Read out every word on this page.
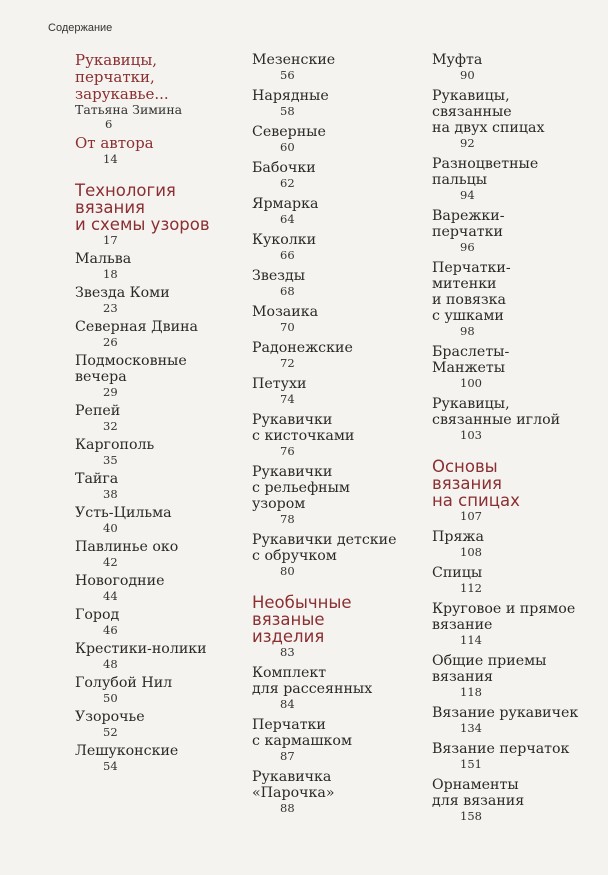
Содержание
Рукавицы,
перчатки,
зарукавье...
Татьяна Зимина
6
От автора
14
Технология
вязания
и схемы узоров
17
Мальва
18
Звезда Коми
23
Северная Двина
26
Подмосковные
вечера
29
Репей
32
Каргополь
35
Тайга
38
Усть-Цильма
40
Павлинье око
42
Новогодние
44
Город
46
Крестики-нолики
48
Голубой Нил
50
Узорочье
52
Лешуконские
54
Мезенские
56
Нарядные
58
Северные
60
Бабочки
62
Ярмарка
64
Куколки
66
Звезды
68
Мозаика
70
Радонежские
72
Петухи
74
Рукавички
с кисточками
76
Рукавички
с рельефным
узором
78
Рукавички детские
с обручком
80
Необычные
вязаные
изделия
83
Комплект
для рассеянных
84
Перчатки
с кармашком
87
Рукавичка
«Парочка»
88
Муфта
90
Рукавицы,
связанные
на двух спицах
92
Разноцветные
пальцы
94
Варежки-
перчатки
96
Перчатки-
митенки
и повязка
с ушками
98
Браслеты-
Манжеты
100
Рукавицы,
связанные иглой
103
Основы
вязания
на спицах
107
Пряжа
108
Спицы
112
Круговое и прямое
вязание
114
Общие приемы
вязания
118
Вязание рукавичек
134
Вязание перчаток
151
Орнаменты
для вязания
158
